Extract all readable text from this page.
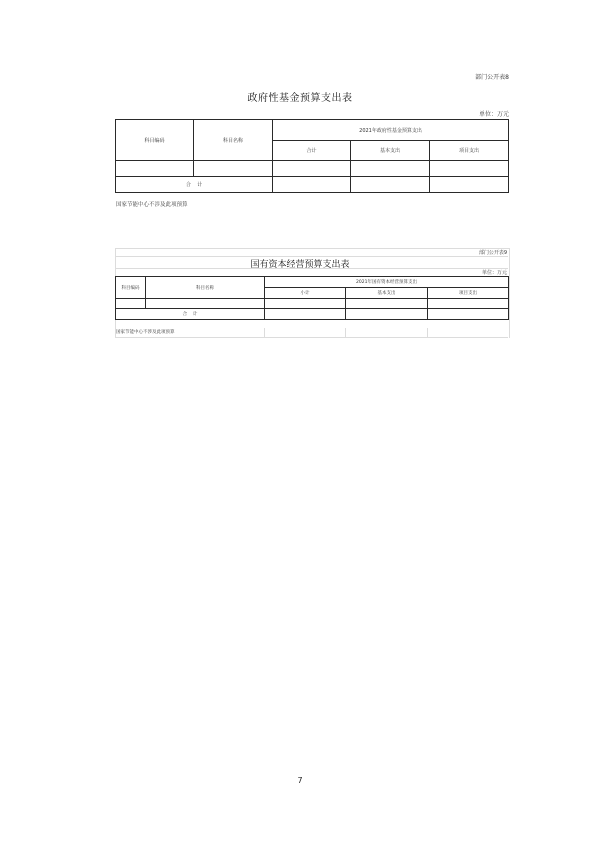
部门公开表8
政府性基金预算支出表
单位：万元
科目编码	科目名称	2021年政府性基金预算支出		
		合计	基本支出	项目支出

合    计				
国家节能中心不涉及此项预算
部门公开表9
国有资本经营预算支出表
单位：万元
科目编码	科目名称	2021年国有资本经营预算支出		
		小计	基本支出	项目支出

合    计				
国家节能中心不涉及此项预算
7
